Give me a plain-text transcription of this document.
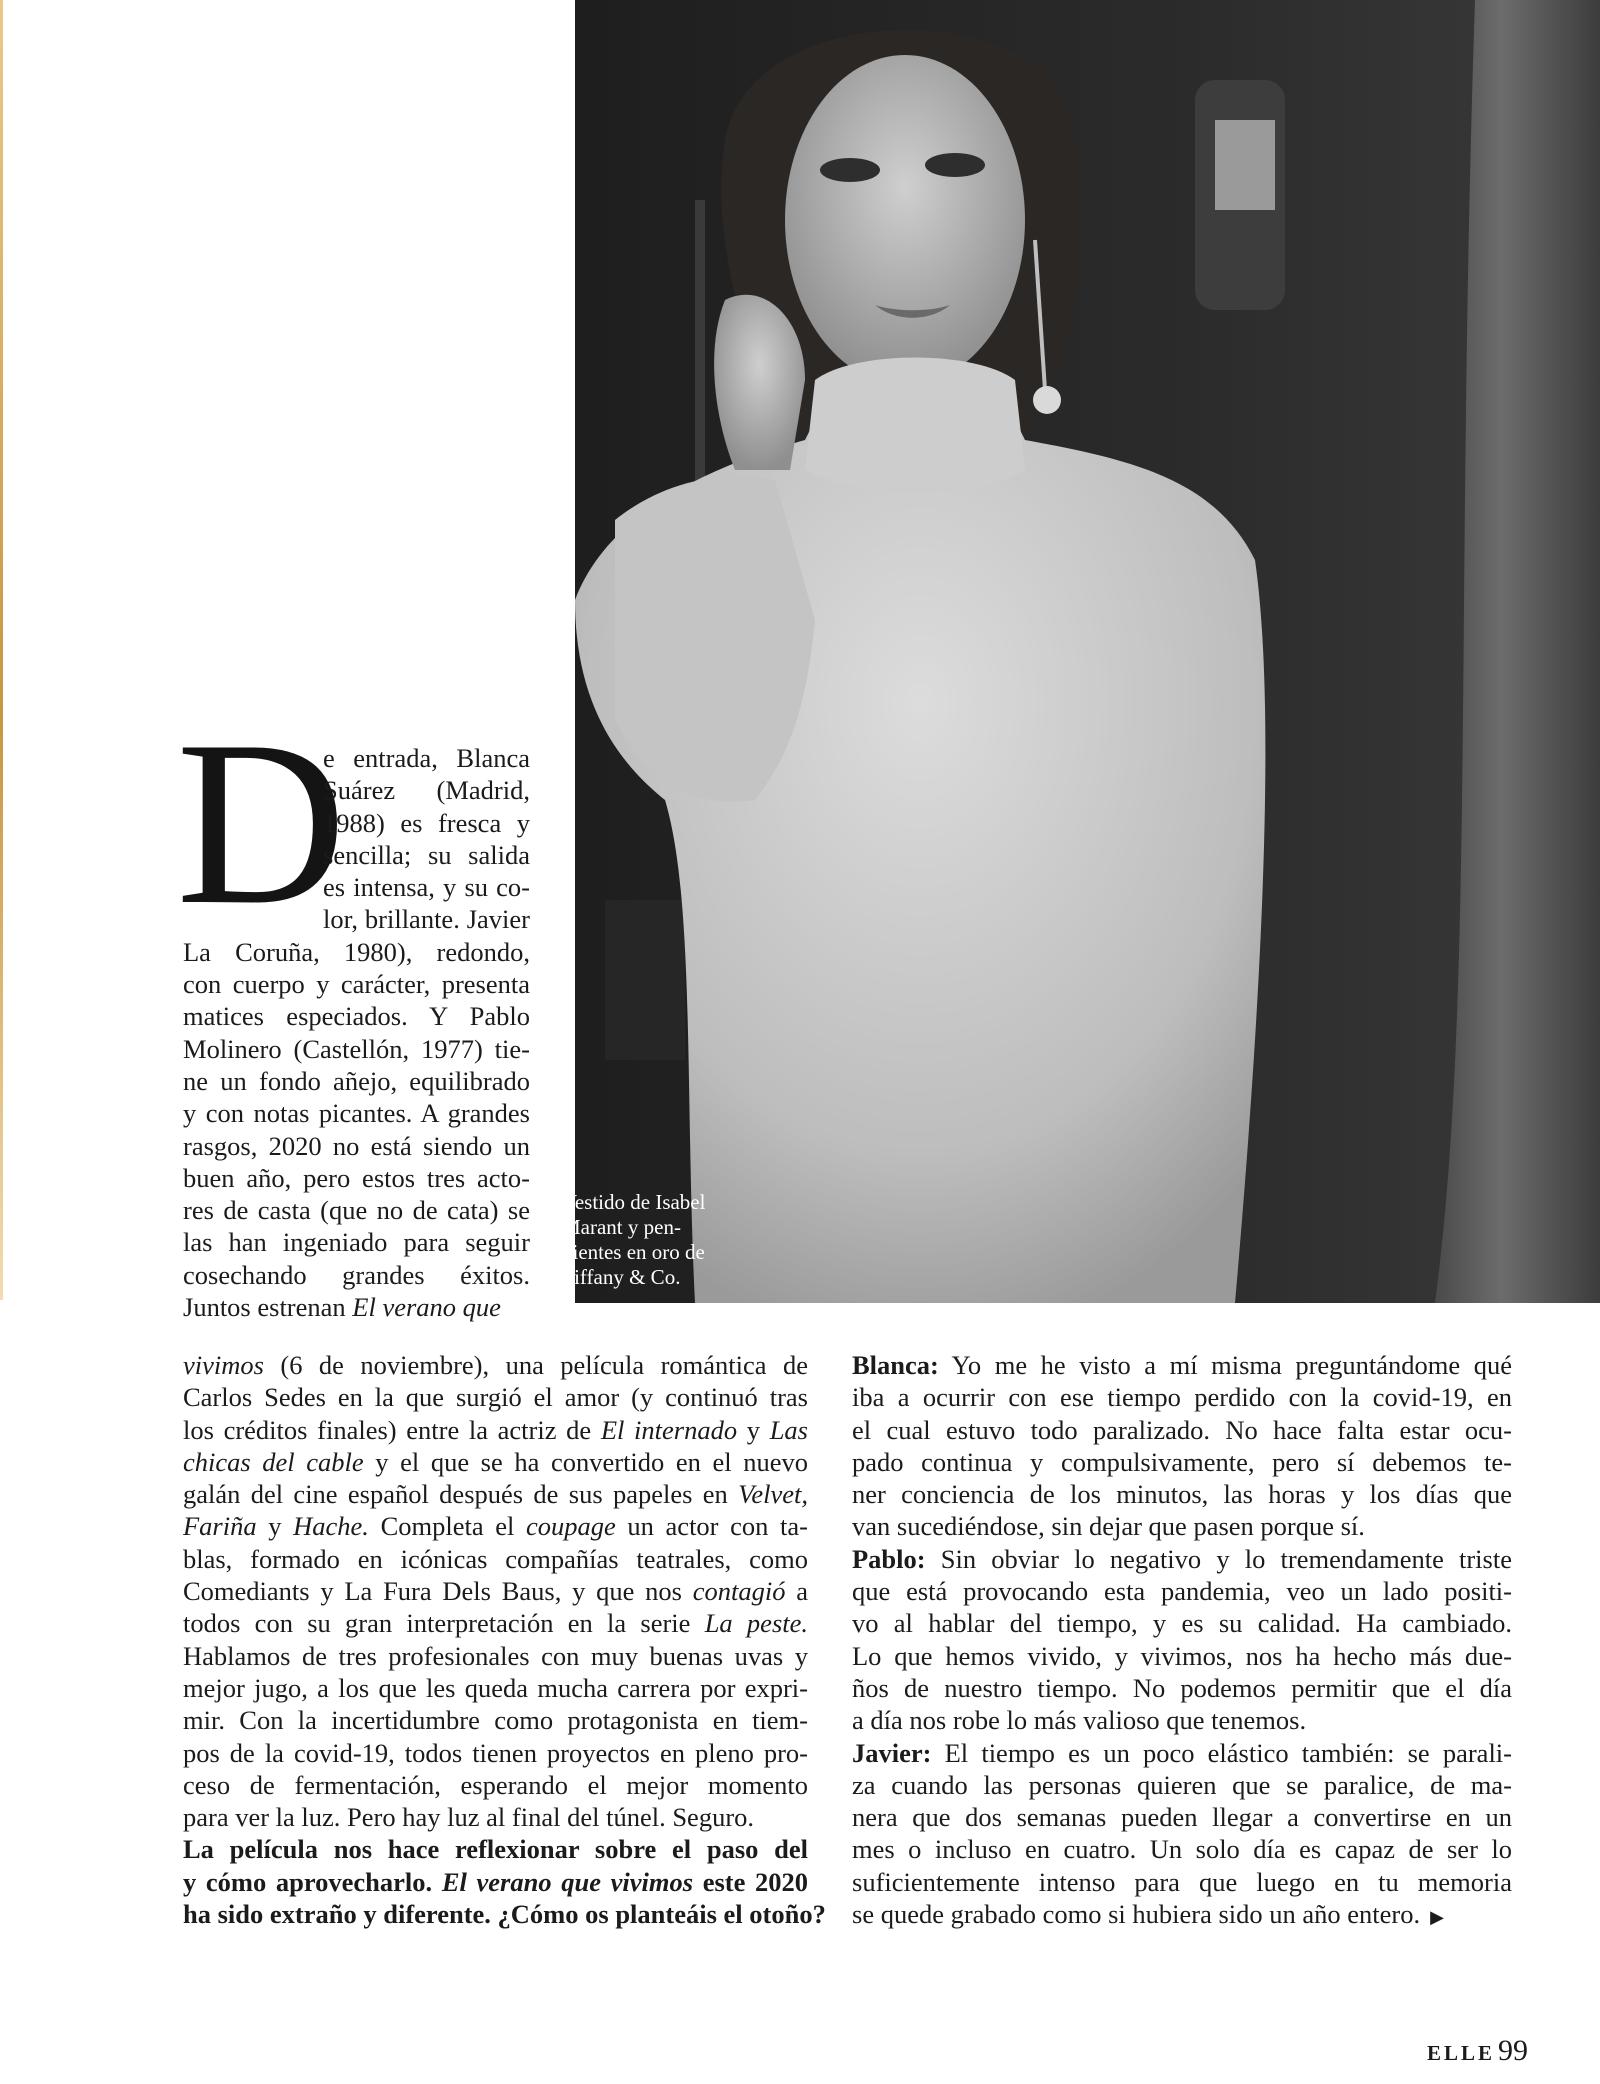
Vestido de Isabel
Marant y pen-
dientes en oro de
Tiffany & Co.
D
e entrada, Blanca
Suárez (Madrid,
1988) es fresca y
sencilla; su salida
es intensa, y su co-
lor, brillante. Javier
La Coruña, 1980), redondo,
con cuerpo y carácter, presenta
matices especiados. Y Pablo
Molinero (Castellón, 1977) tie-
ne un fondo añejo, equilibrado
y con notas picantes. A grandes
rasgos, 2020 no está siendo un
buen año, pero estos tres acto-
res de casta (que no de cata) se
las han ingeniado para seguir
cosechando grandes éxitos.
Juntos estrenan El verano que
vivimos (6 de noviembre), una película romántica de
Carlos Sedes en la que surgió el amor (y continuó tras
los créditos finales) entre la actriz de El internado y Las
chicas del cable y el que se ha convertido en el nuevo
galán del cine español después de sus papeles en Velvet,
Fariña y Hache. Completa el coupage un actor con ta-
blas, formado en icónicas compañías teatrales, como
Comediants y La Fura Dels Baus, y que nos contagió a
todos con su gran interpretación en la serie La peste.
Hablamos de tres profesionales con muy buenas uvas y
mejor jugo, a los que les queda mucha carrera por expri-
mir. Con la incertidumbre como protagonista en tiem-
pos de la covid-19, todos tienen proyectos en pleno pro-
ceso de fermentación, esperando el mejor momento
para ver la luz. Pero hay luz al final del túnel. Seguro.
La película nos hace reflexionar sobre el paso del
y cómo aprovecharlo. El verano que vivimos este 2020
ha sido extraño y diferente. ¿Cómo os planteáis el otoño?
Blanca: Yo me he visto a mí misma preguntándome qué
iba a ocurrir con ese tiempo perdido con la covid-19, en
el cual estuvo todo paralizado. No hace falta estar ocu-
pado continua y compulsivamente, pero sí debemos te-
ner conciencia de los minutos, las horas y los días que
van sucediéndose, sin dejar que pasen porque sí.
Pablo: Sin obviar lo negativo y lo tremendamente triste
que está provocando esta pandemia, veo un lado positi-
vo al hablar del tiempo, y es su calidad. Ha cambiado.
Lo que hemos vivido, y vivimos, nos ha hecho más due-
ños de nuestro tiempo. No podemos permitir que el día
a día nos robe lo más valioso que tenemos.
Javier: El tiempo es un poco elástico también: se parali-
za cuando las personas quieren que se paralice, de ma-
nera que dos semanas pueden llegar a convertirse en un
mes o incluso en cuatro. Un solo día es capaz de ser lo
suficientemente intenso para que luego en tu memoria
se quede grabado como si hubiera sido un año entero. ▶
ELLE 99
